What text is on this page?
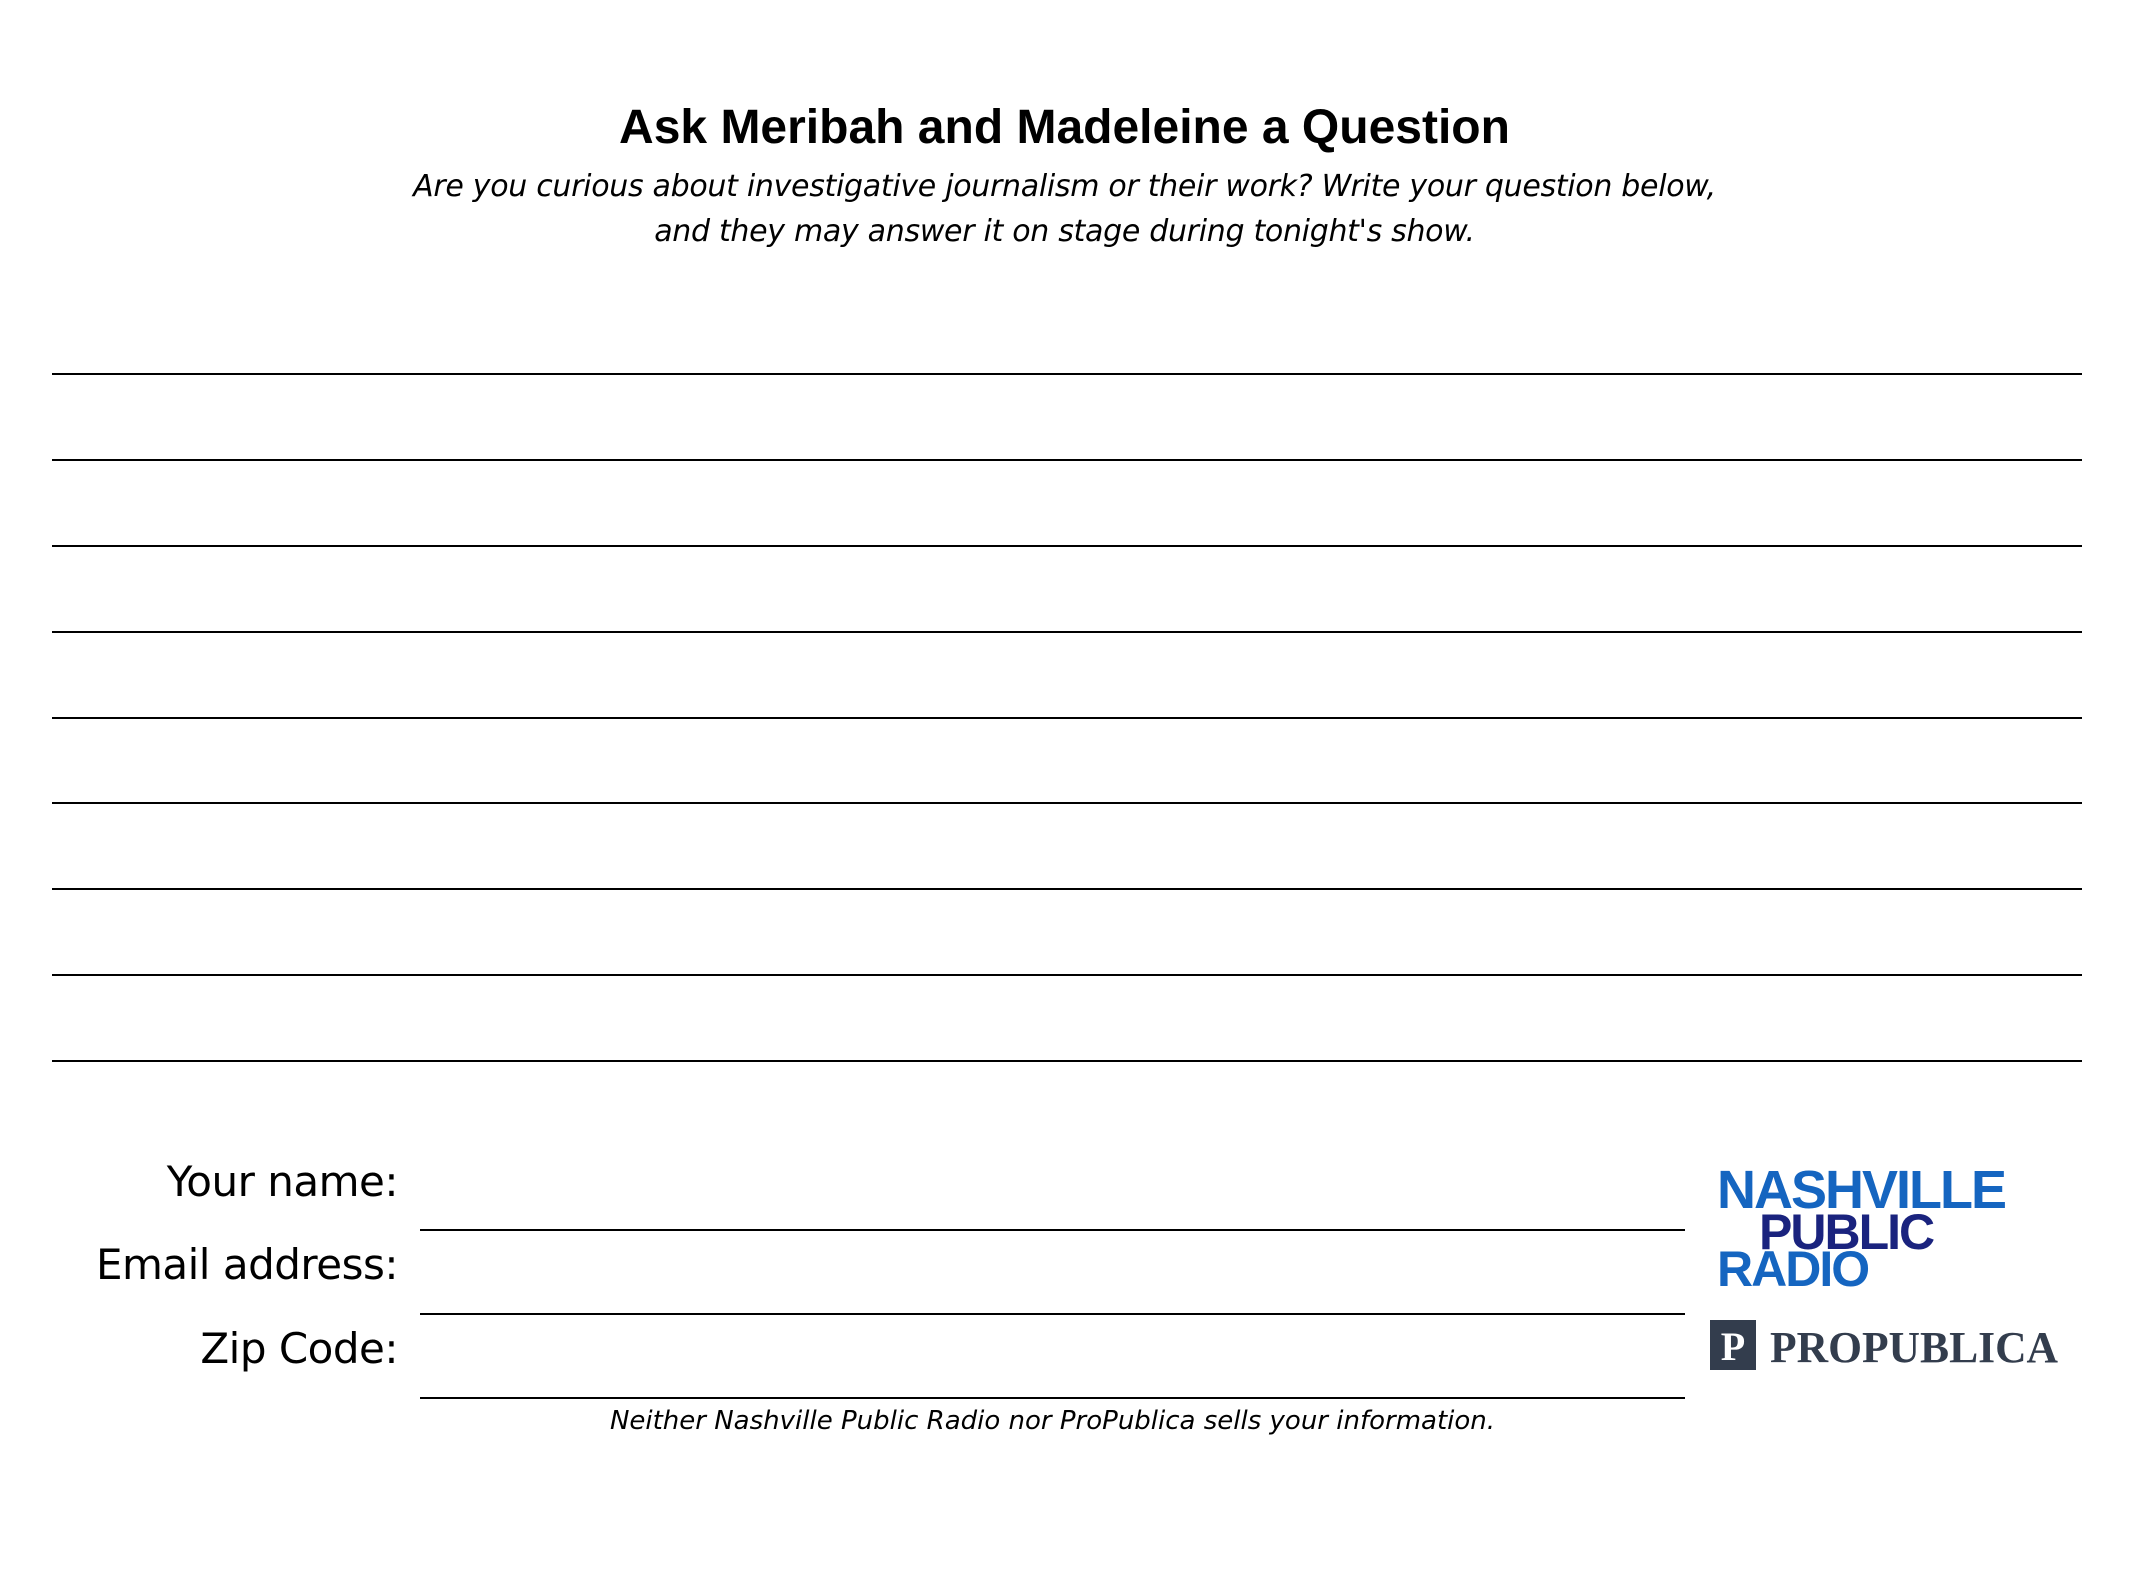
Ask Meribah and Madeleine a Question

Are you curious about investigative journalism or their work? Write your question below,
and they may answer it on stage during tonight's show.

Your name:
Email address:
Zip Code:
Neither Nashville Public Radio nor ProPublica sells your information.
NASHVILLE
PUBLIC
RADIO
P PROPUBLICA
